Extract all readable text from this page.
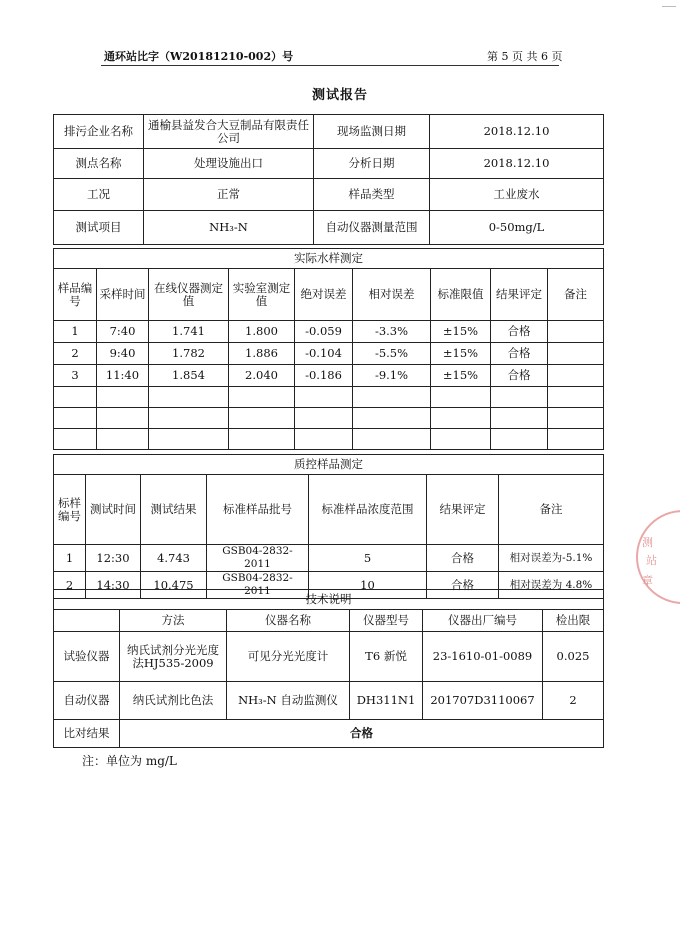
通环站比字（W20181210-002）号	第 5 页 共 6 页
测试报告
排污企业名称	通榆县益发合大豆制品有限责任公司	现场监测日期	2018.12.10
测点名称	处理设施出口	分析日期	2018.12.10
工况	正常	样品类型	工业废水
测试项目	NH₃-N	自动仪器测量范围	0-50mg/L
实际水样测定								
样品编号	采样时间	在线仪器测定值	实验室测定值	绝对误差	相对误差	标准限值	结果评定	备注
1	7:40	1.741	1.800	-0.059	-3.3%	±15%	合格	
2	9:40	1.782	1.886	-0.104	-5.5%	±15%	合格	
3	11:40	1.854	2.040	-0.186	-9.1%	±15%	合格	

质控样品测定						
标样编号	测试时间	测试结果	标准样品批号	标准样品浓度范围	结果评定	备注
1	12:30	4.743	GSB04-2832-2011	5	合格	相对误差为-5.1%
2	14:30	10.475	GSB04-2832-2011	10	合格	相对误差为 4.8%
技术说明					
	方法	仪器名称	仪器型号	仪器出厂编号	检出限
试验仪器	纳氏试剂分光光度法HJ535-2009	可见分光光度计	T6 新悦	23-1610-01-0089	0.025
自动仪器	纳氏试剂比色法	NH₃-N 自动监测仪	DH311N1	201707D3110067	2
比对结果	合格				
注：单位为 mg/L
测
站
章
